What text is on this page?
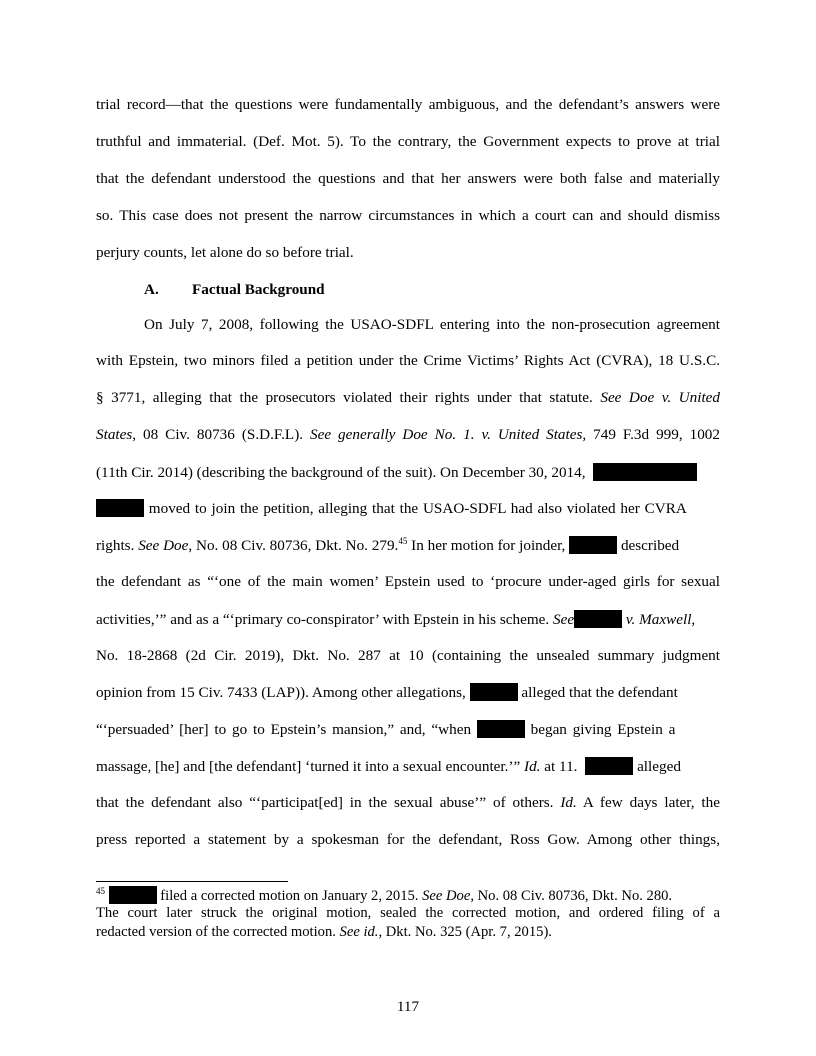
trial record—that the questions were fundamentally ambiguous, and the defendant’s answers were
truthful and immaterial. (Def. Mot. 5). To the contrary, the Government expects to prove at trial
that the defendant understood the questions and that her answers were both false and materially
so. This case does not present the narrow circumstances in which a court can and should dismiss
perjury counts, let alone do so before trial.
A. Factual Background
On July 7, 2008, following the USAO-SDFL entering into the non-prosecution agreement
with Epstein, two minors filed a petition under the Crime Victims’ Rights Act (CVRA), 18 U.S.C.
§ 3771, alleging that the prosecutors violated their rights under that statute. See Doe v. United
States, 08 Civ. 80736 (S.D.F.L). See generally Doe No. 1. v. United States, 749 F.3d 999, 1002
(11th Cir. 2014) (describing the background of the suit). On December 30, 2014,
moved to join the petition, alleging that the USAO-SDFL had also violated her CVRA
rights. See Doe, No. 08 Civ. 80736, Dkt. No. 279.45 In her motion for joinder,	described
the defendant as “‘one of the main women’ Epstein used to ‘procure under-aged girls for sexual
activities,’” and as a “‘primary co-conspirator’ with Epstein in his scheme. See	v. Maxwell,
No. 18-2868 (2d Cir. 2019), Dkt. No. 287 at 10 (containing the unsealed summary judgment
opinion from 15 Civ. 7433 (LAP)). Among other allegations,	alleged that the defendant
“‘persuaded’ [her] to go to Epstein’s mansion,” and, “when	began giving Epstein a
massage, [he] and [the defendant] ‘turned it into a sexual encounter.’” Id. at 11.	alleged
that the defendant also “‘participat[ed] in the sexual abuse’” of others. Id. A few days later, the
press reported a statement by a spokesman for the defendant, Ross Gow. Among other things,
$^{45}$	filed a corrected motion on January 2, 2015. See Doe, No. 08 Civ. 80736, Dkt. No. 280.
The court later struck the original motion, sealed the corrected motion, and ordered filing of a
redacted version of the corrected motion. See id., Dkt. No. 325 (Apr. 7, 2015).
117
